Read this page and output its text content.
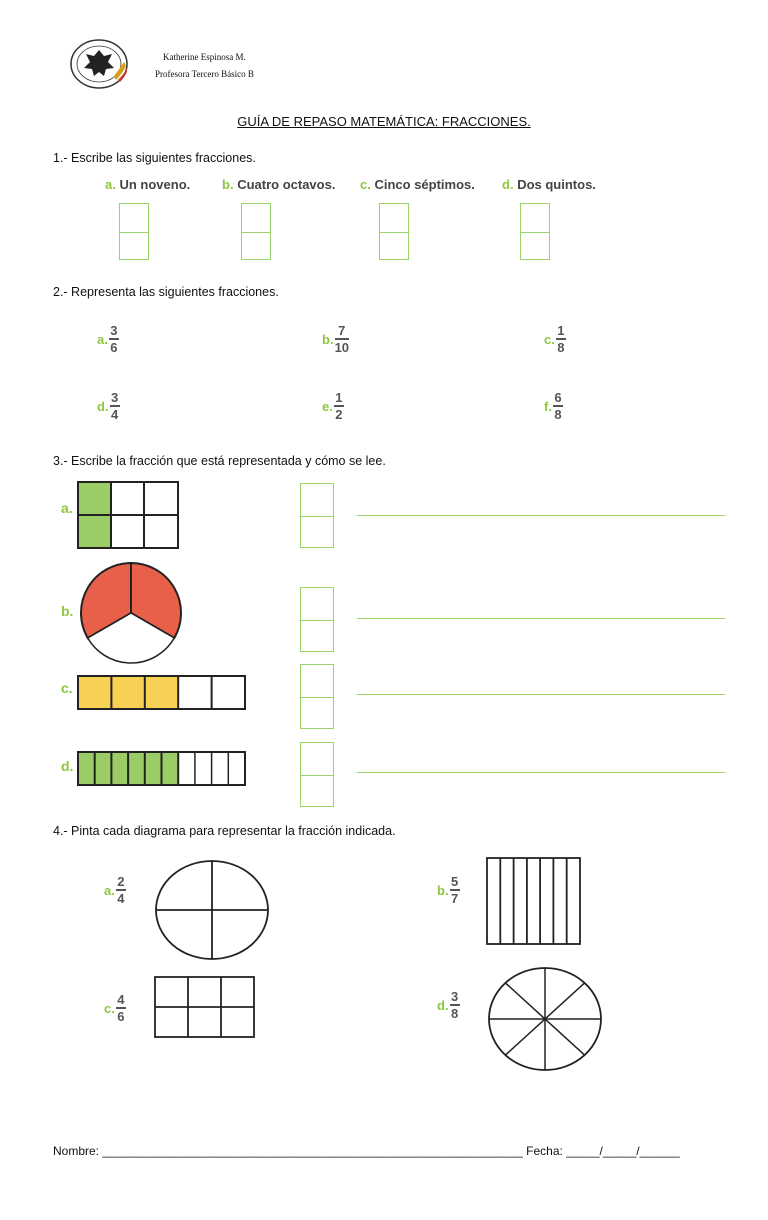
Katherine Espinosa M.
Profesora Tercero Básico B
GUÍA DE REPASO MATEMÁTICA: FRACCIONES.
1.- Escribe las siguientes fracciones.
a. Un noveno. b. Cuatro octavos. c. Cinco séptimos. d. Dos quintos.
2.- Representa las siguientes fracciones.
a.
3
6
b.
7
10
c.
1
8
d.
3
4
e.
1
2
f.
6
8
3.- Escribe la fracción que está representada y cómo se lee.
a.
b.
c.
d.
4.- Pinta cada diagrama para representar la fracción indicada.
a.
2
4
b.
5
7
c.
4
6
d.
3
8
Nombre: _______________________________________________________________ Fecha: _____/_____/______
